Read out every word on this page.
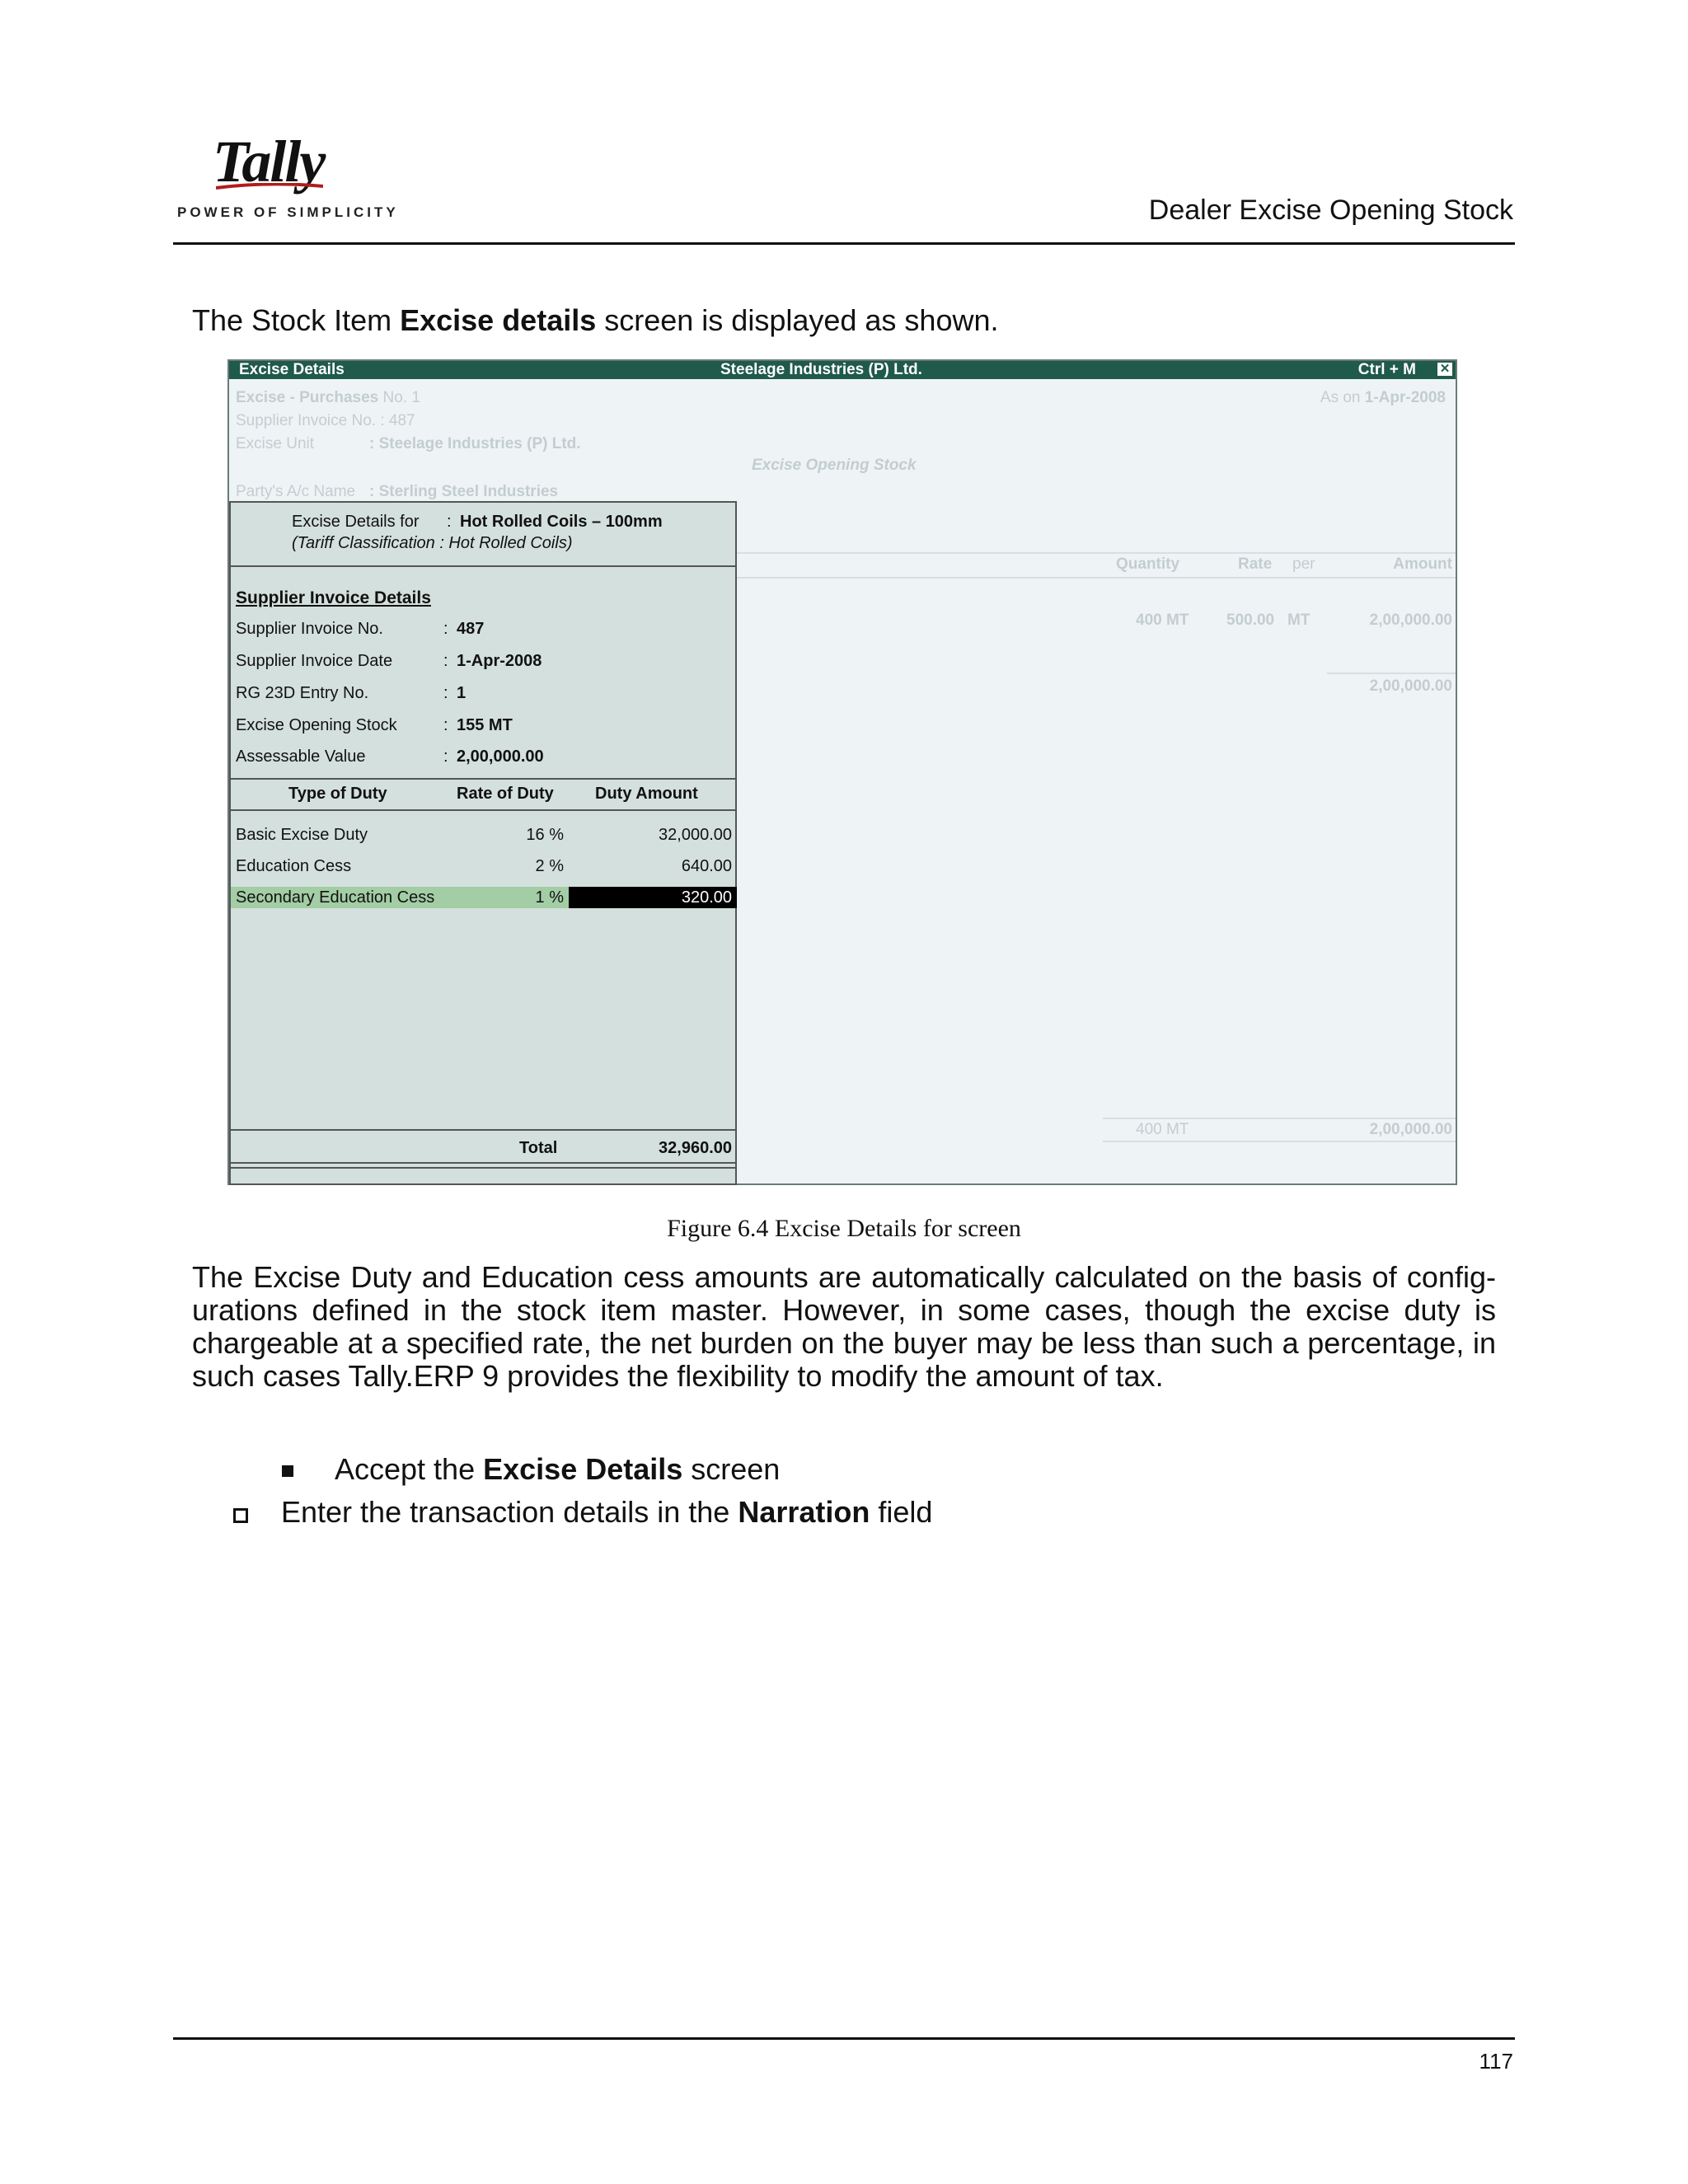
Tally
POWER OF SIMPLICITY	Dealer Excise Opening Stock
The Stock Item Excise details screen is displayed as shown.
Excise Details	Steelage Industries (P) Ltd.	Ctrl + M ✕
Excise - Purchases No. 1	As on 1-Apr-2008
Supplier Invoice No. : 487
Excise Unit	: Steelage Industries (P) Ltd.
Excise Opening Stock
Party's A/c Name : Sterling Steel Industries
Quantity	Rate per	Amount
400 MT 500.00 MT	2,00,000.00
2,00,000.00
400 MT	2,00,000.00
Excise Details for : Hot Rolled Coils – 100mm
(Tariff Classification : Hot Rolled Coils)
Supplier Invoice Details
Supplier Invoice No.	: 487
Supplier Invoice Date	: 1-Apr-2008
RG 23D Entry No.	: 1
Excise Opening Stock	: 155 MT
Assessable Value	: 2,00,000.00
Type of Duty	Rate of Duty	Duty Amount
Basic Excise Duty	16 %	32,000.00
Education Cess	2 %	640.00
Secondary Education Cess	1 %	320.00
Total	32,960.00
Figure 6.4 Excise Details for screen
The Excise Duty and Education cess amounts are automatically calculated on the basis of config-urations defined in the stock item master. However, in some cases, though the excise duty is chargeable at a specified rate, the net burden on the buyer may be less than such a percentage, in such cases Tally.ERP 9 provides the flexibility to modify the amount of tax.
Accept the Excise Details screen
Enter the transaction details in the Narration field
117
